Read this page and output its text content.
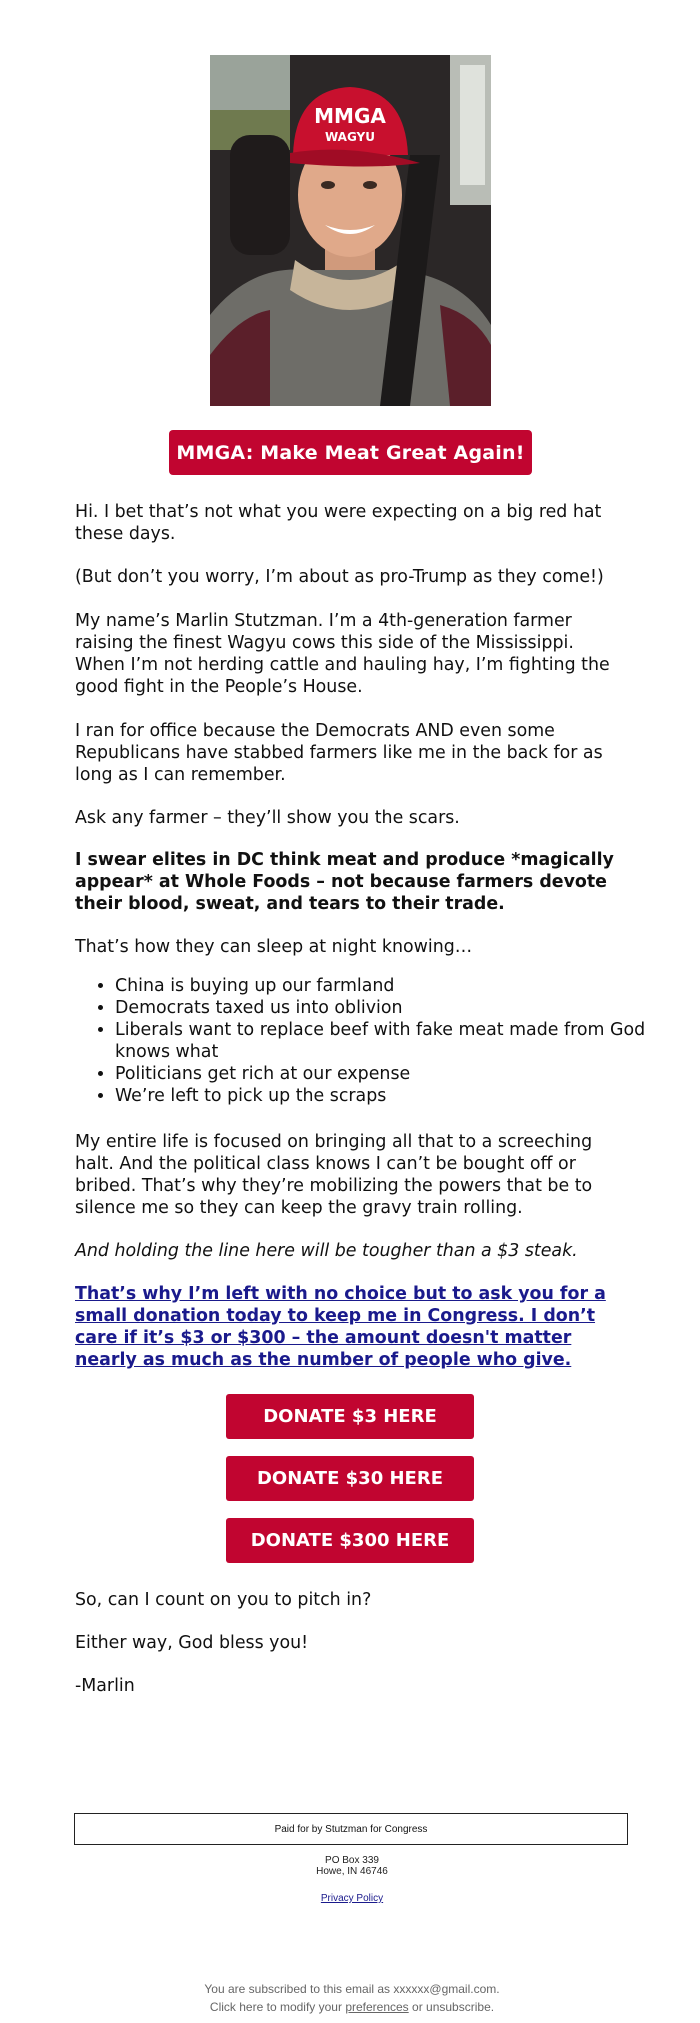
MMGA
WAGYU
MMGA: Make Meat Great Again!

Hi. I bet that’s not what you were expecting on a big red hat these days.

(But don’t you worry, I’m about as pro-Trump as they come!)

My name’s Marlin Stutzman. I’m a 4th-generation farmer raising the finest Wagyu cows this side of the Mississippi. When I’m not herding cattle and hauling hay, I’m fighting the good fight in the People’s House.

I ran for office because the Democrats AND even some Republicans have stabbed farmers like me in the back for as long as I can remember.

Ask any farmer – they’ll show you the scars.

I swear elites in DC think meat and produce *magically appear* at Whole Foods – not because farmers devote their blood, sweat, and tears to their trade.

That’s how they can sleep at night knowing…

• China is buying up our farmland
• Democrats taxed us into oblivion
• Liberals want to replace beef with fake meat made from God knows what
• Politicians get rich at our expense
• We’re left to pick up the scraps

My entire life is focused on bringing all that to a screeching halt. And the political class knows I can’t be bought off or bribed. That’s why they’re mobilizing the powers that be to silence me so they can keep the gravy train rolling.

And holding the line here will be tougher than a $3 steak.

That’s why I’m left with no choice but to ask you for a small donation today to keep me in Congress. I don’t care if it’s $3 or $300 – the amount doesn't matter nearly as much as the number of people who give.
DONATE $3 HERE
DONATE $30 HERE
DONATE $300 HERE

So, can I count on you to pitch in?

Either way, God bless you!

-Marlin

Paid for by Stutzman for Congress
PO Box 339
Howe, IN 46746
Privacy Policy
You are subscribed to this email as xxxxxx@gmail.com.
Click here to modify your preferences or unsubscribe.
